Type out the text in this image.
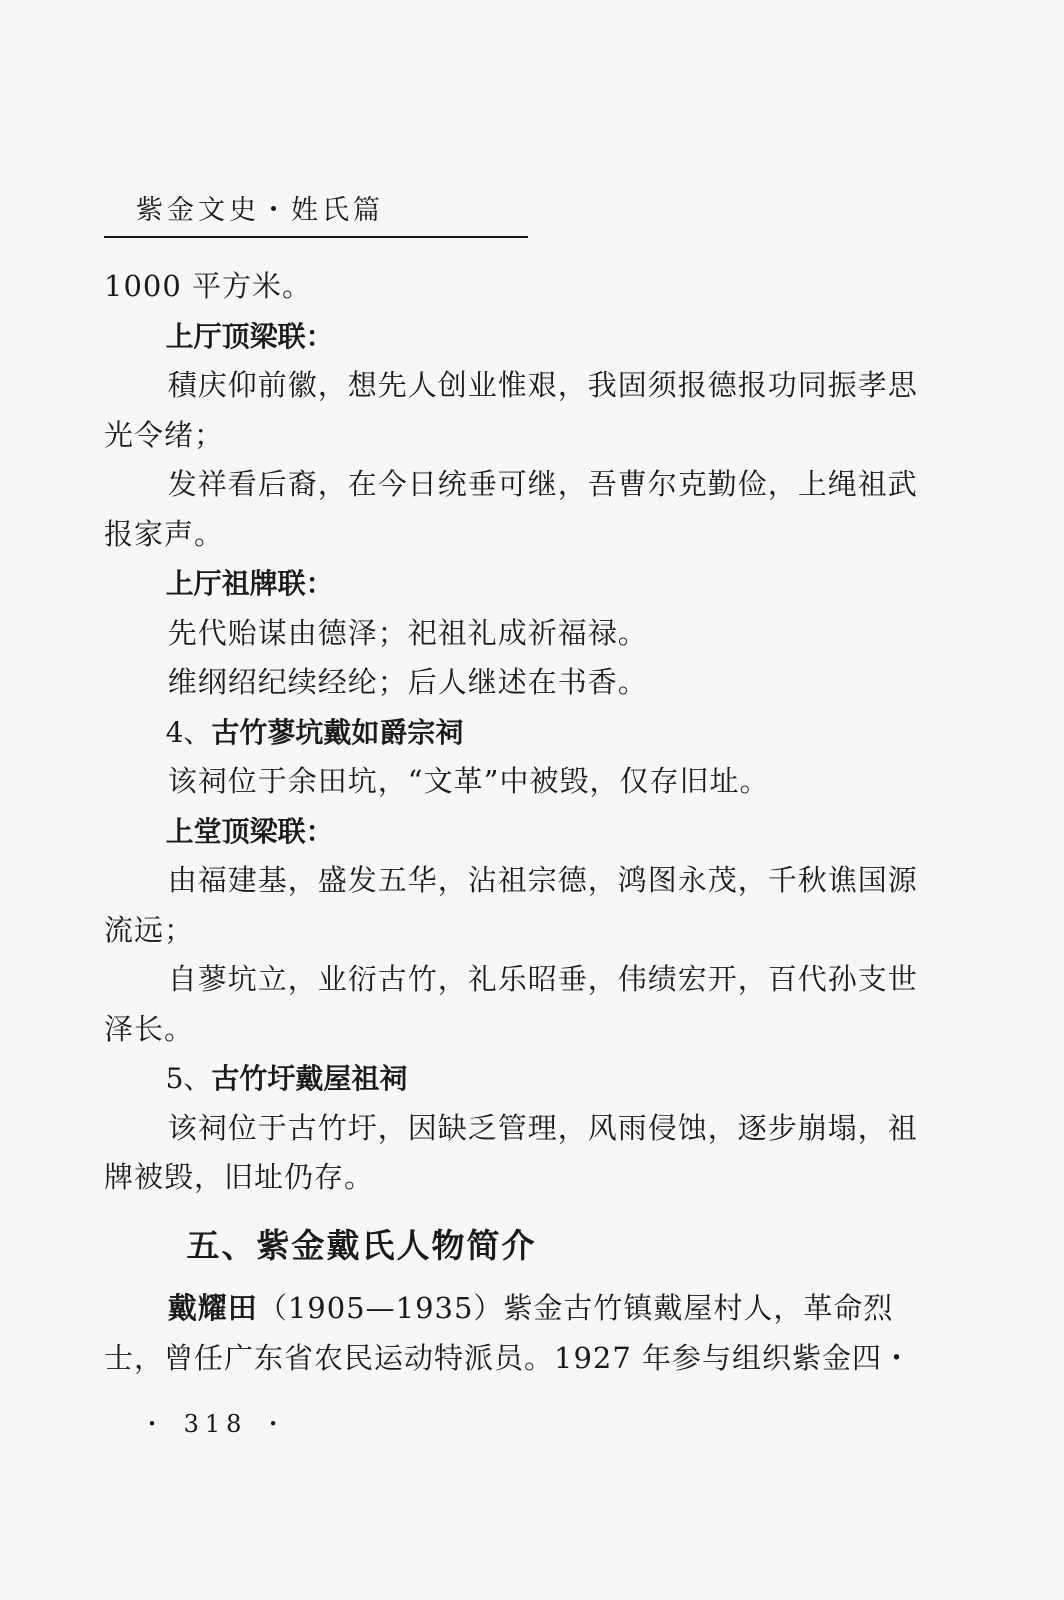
紫金文史・姓氏篇

1000 平方米。

上厅顶梁联：

積庆仰前徽，想先人创业惟艰，我固须报德报功同振孝思光令绪；

发祥看后裔，在今日统垂可继，吾曹尔克勤俭，上绳祖武报家声。

上厅祖牌联：

先代贻谋由德泽；祀祖礼成祈福禄。

维纲绍纪续经纶；后人继述在书香。

4、古竹蓼坑戴如爵宗祠

该祠位于余田坑，“文革”中被毁，仅存旧址。

上堂顶梁联：

由福建基，盛发五华，沾祖宗德，鸿图永茂，千秋谯国源流远；

自蓼坑立，业衍古竹，礼乐昭垂，伟绩宏开，百代孙支世泽长。

5、古竹圩戴屋祖祠

该祠位于古竹圩，因缺乏管理，风雨侵蚀，逐步崩塌，祖牌被毁，旧址仍存。

五、紫金戴氏人物简介

戴耀田（1905—1935）紫金古竹镇戴屋村人，革命烈士，曾任广东省农民运动特派员。1927 年参与组织紫金四・

・ 318 ・
